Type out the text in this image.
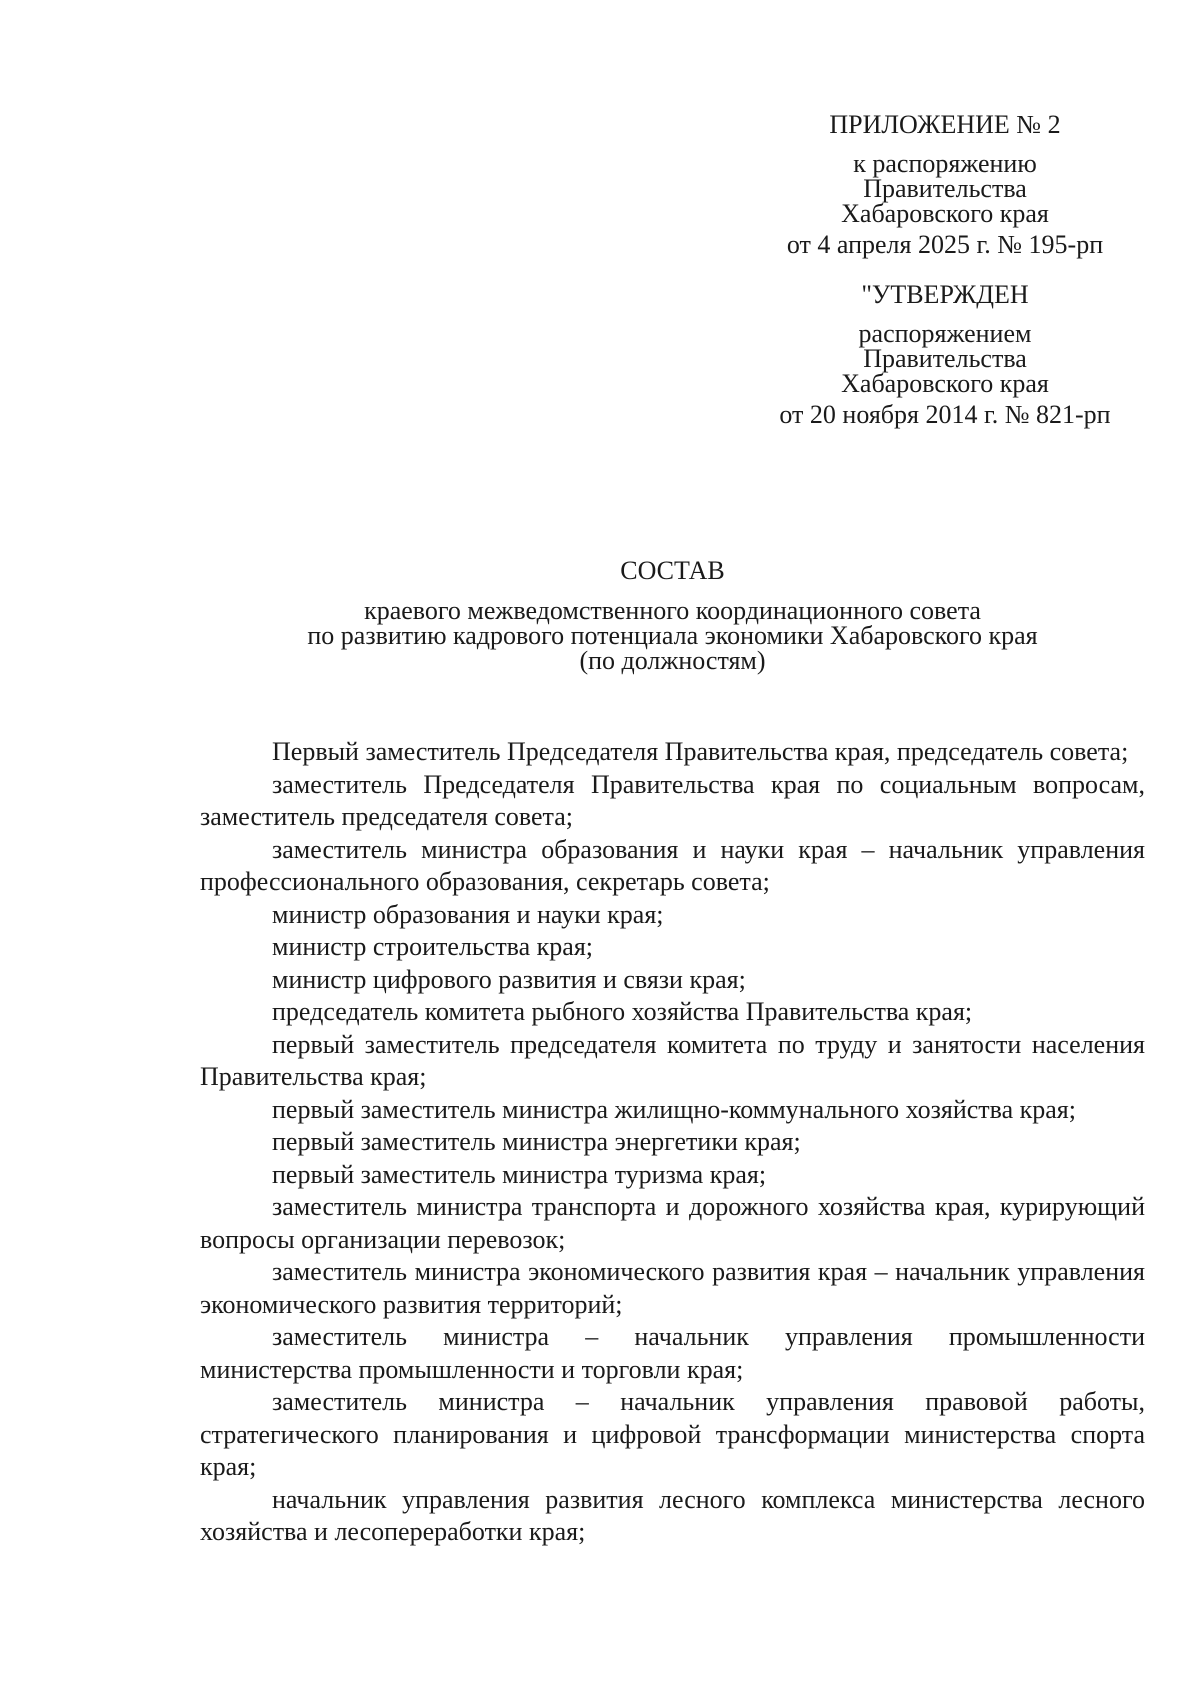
ПРИЛОЖЕНИЕ № 2
к распоряжению
Правительства
Хабаровского края
от 4 апреля 2025 г. № 195-рп
"УТВЕРЖДЕН
распоряжением
Правительства
Хабаровского края
от 20 ноября 2014 г. № 821-рп
СОСТАВ
краевого межведомственного координационного совета
по развитию кадрового потенциала экономики Хабаровского края
(по должностям)

Первый заместитель Председателя Правительства края, председатель совета;

заместитель Председателя Правительства края по социальным вопросам, заместитель председателя совета;

заместитель министра образования и науки края – начальник управления профессионального образования, секретарь совета;

министр образования и науки края;

министр строительства края;

министр цифрового развития и связи края;

председатель комитета рыбного хозяйства Правительства края;

первый заместитель председателя комитета по труду и занятости населения Правительства края;

первый заместитель министра жилищно-коммунального хозяйства края;

первый заместитель министра энергетики края;

первый заместитель министра туризма края;

заместитель министра транспорта и дорожного хозяйства края, курирующий вопросы организации перевозок;

заместитель министра экономического развития края – начальник управления экономического развития территорий;

заместитель министра – начальник управления промышленности министерства промышленности и торговли края;

заместитель министра – начальник управления правовой работы, стратегического планирования и цифровой трансформации министерства спорта края;

начальник управления развития лесного комплекса министерства лесного хозяйства и лесопереработки края;
